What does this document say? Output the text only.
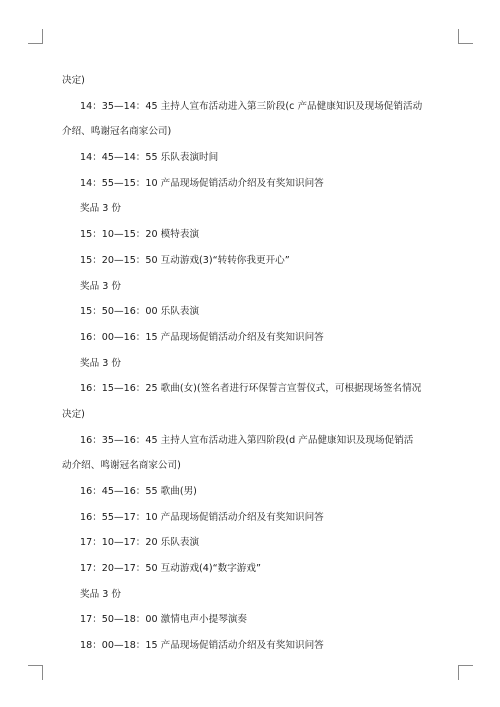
决定)
14：35—14：45 主持人宣布活动进入第三阶段(c 产品健康知识及现场促销活动
介绍、鸣谢冠名商家公司)
14：45—14：55 乐队表演时间
14：55—15：10 产品现场促销活动介绍及有奖知识问答
奖品 3 份
15：10—15：20 模特表演
15：20—15：50 互动游戏(3)“转转你我更开心”
奖品 3 份
15：50—16：00 乐队表演
16：00—16：15 产品现场促销活动介绍及有奖知识问答
奖品 3 份
16：15—16：25 歌曲(女)(签名者进行环保誓言宣誓仪式，可根据现场签名情况
决定)
16：35—16：45 主持人宣布活动进入第四阶段(d 产品健康知识及现场促销活
动介绍、鸣谢冠名商家公司)
16：45—16：55 歌曲(男)
16：55—17：10 产品现场促销活动介绍及有奖知识问答
17：10—17：20 乐队表演
17：20—17：50 互动游戏(4)“数字游戏”
奖品 3 份
17：50—18：00 激情电声小提琴演奏
18：00—18：15 产品现场促销活动介绍及有奖知识问答
